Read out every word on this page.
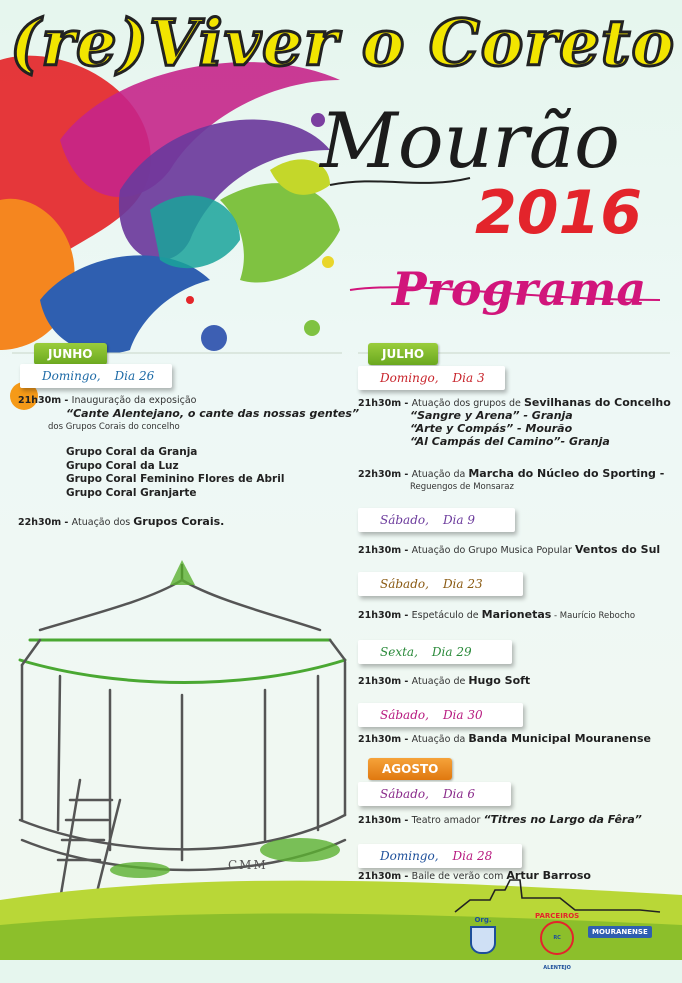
(re)Viver o Coreto
Mourão
2016
Programa
JUNHO
Domingo, Dia 26
21h30m - Inauguração da exposição
“Cante Alentejano, o cante das nossas gentes”
dos Grupos Corais do concelho
Grupo Coral da Granja
Grupo Coral da Luz
Grupo Coral Feminino Flores de Abril
Grupo Coral Granjarte
22h30m - Atuação dos Grupos Corais.
JULHO
Domingo, Dia 3
21h30m - Atuação dos grupos de Sevilhanas do Concelho
“Sangre y Arena” - Granja
“Arte y Compás” - Mourão
“Al Campás del Camino”- Granja
22h30m - Atuação da Marcha do Núcleo do Sporting -
Reguengos de Monsaraz
Sábado, Dia 9
21h30m - Atuação do Grupo Musica Popular Ventos do Sul
Sábado, Dia 23
21h30m - Espetáculo de Marionetas - Maurício Rebocho
Sexta, Dia 29
21h30m - Atuação de Hugo Soft
Sábado, Dia 30
21h30m - Atuação da Banda Municipal Mouranense
AGOSTO
Sábado, Dia 6
21h30m - Teatro amador “Titres no Largo da Fêra”
Domingo, Dia 28
21h30m - Baile de verão com Artur Barroso
CMM
Org.	PARCEIROS
RC ALENTEJO
MOURANENSE
